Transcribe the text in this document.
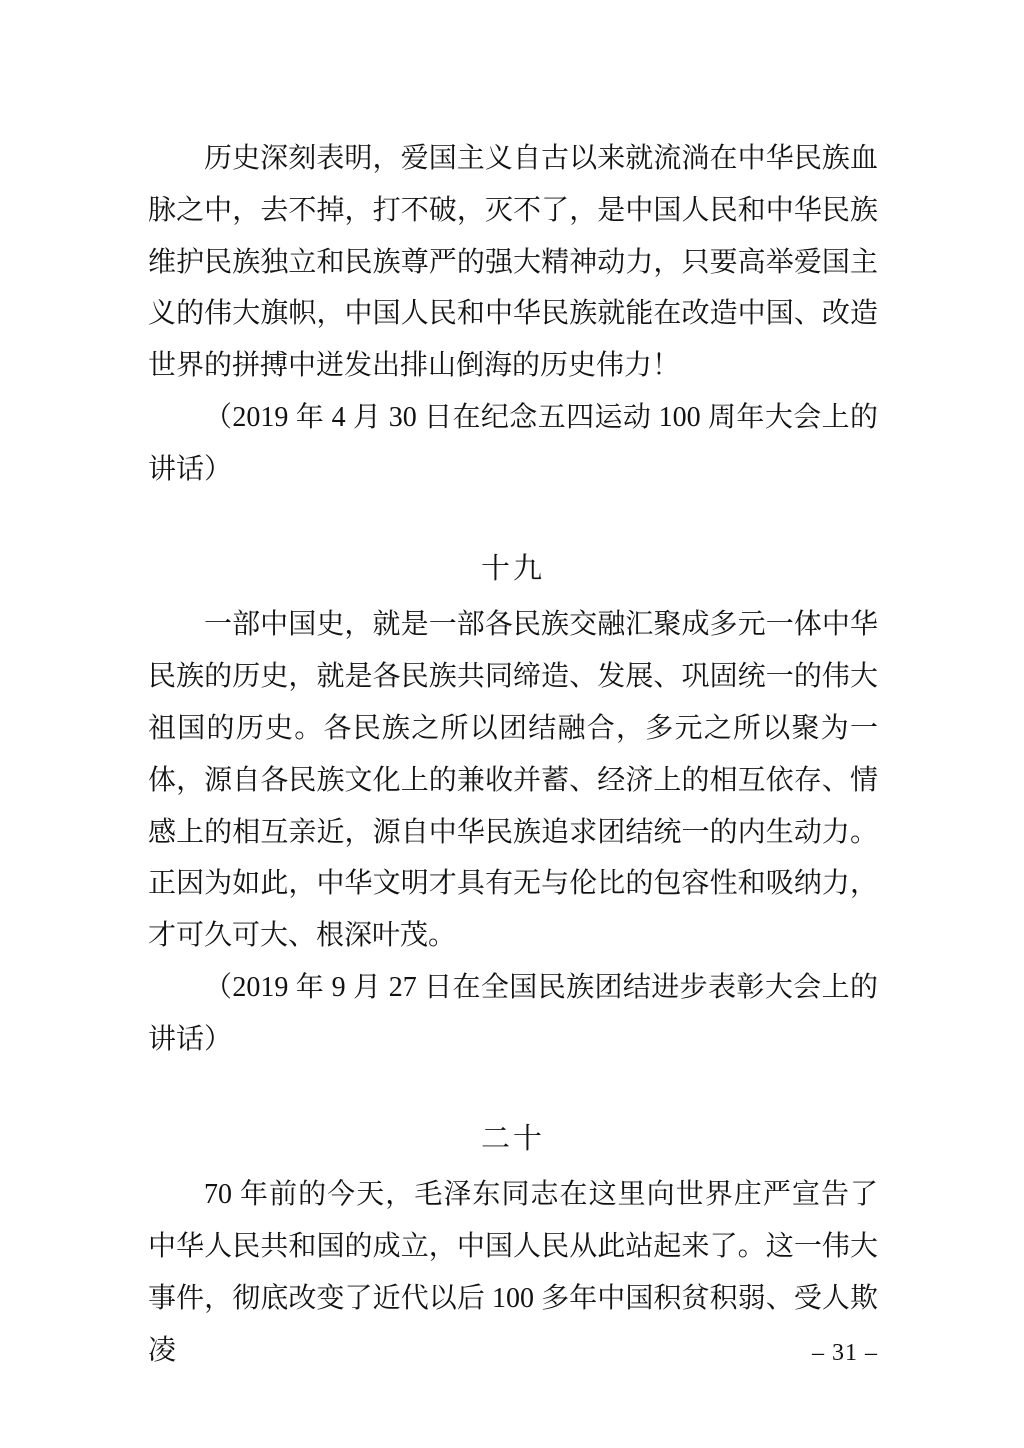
历史深刻表明，爱国主义自古以来就流淌在中华民族血脉之中，去不掉，打不破，灭不了，是中国人民和中华民族维护民族独立和民族尊严的强大精神动力，只要高举爱国主义的伟大旗帜，中国人民和中华民族就能在改造中国、改造世界的拼搏中迸发出排山倒海的历史伟力！

（2019 年 4 月 30 日在纪念五四运动 100 周年大会上的讲话）

十九

一部中国史，就是一部各民族交融汇聚成多元一体中华民族的历史，就是各民族共同缔造、发展、巩固统一的伟大祖国的历史。各民族之所以团结融合，多元之所以聚为一体，源自各民族文化上的兼收并蓄、经济上的相互依存、情感上的相互亲近，源自中华民族追求团结统一的内生动力。正因为如此，中华文明才具有无与伦比的包容性和吸纳力，才可久可大、根深叶茂。

（2019 年 9 月 27 日在全国民族团结进步表彰大会上的讲话）

二十

70 年前的今天，毛泽东同志在这里向世界庄严宣告了中华人民共和国的成立，中国人民从此站起来了。这一伟大事件，彻底改变了近代以后 100 多年中国积贫积弱、受人欺凌	– 31 –
